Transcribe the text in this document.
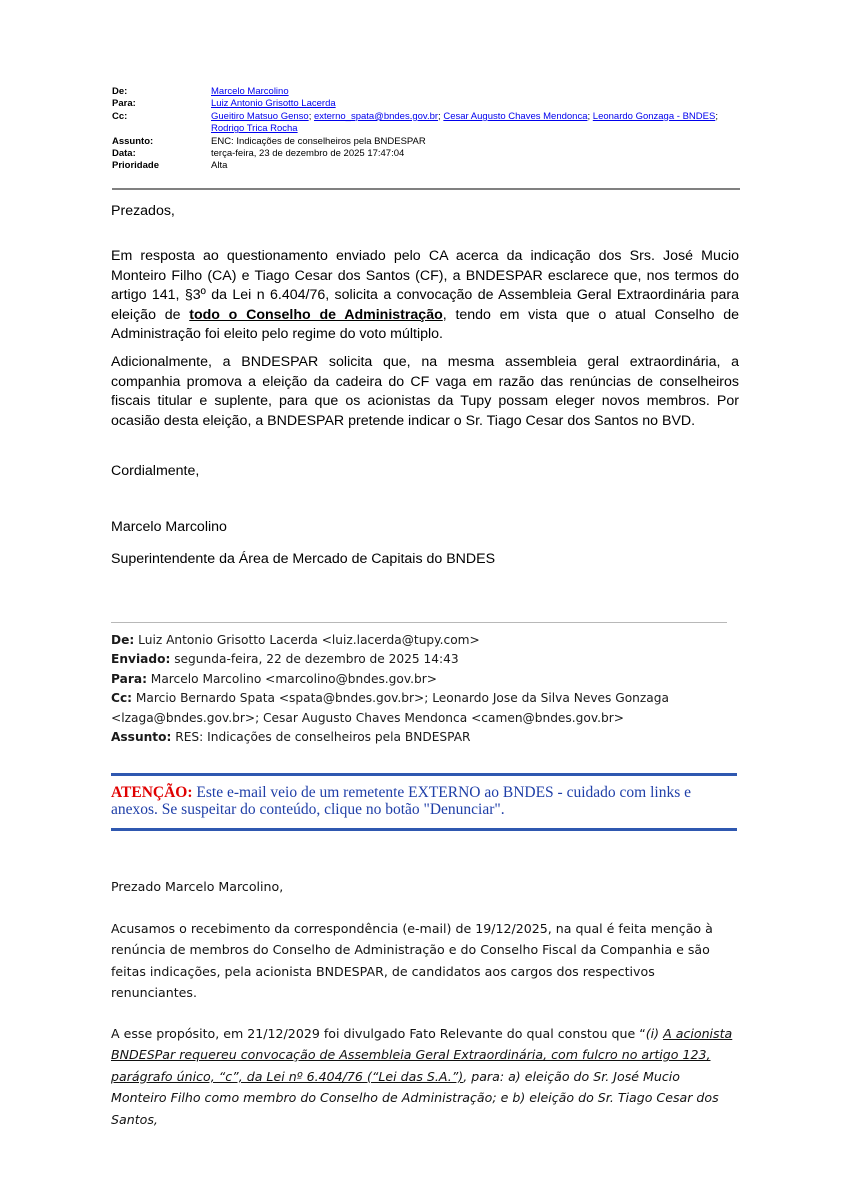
De:	Marcelo Marcolino
Para:	Luiz Antonio Grisotto Lacerda
Cc:	Gueitiro Matsuo Genso; externo_spata@bndes.gov.br; Cesar Augusto Chaves Mendonca; Leonardo Gonzaga - BNDES;
Rodrigo Trica Rocha
Assunto:	ENC: Indicações de conselheiros pela BNDESPAR
Data:	terça-feira, 23 de dezembro de 2025 17:47:04
Prioridade	Alta
Prezados,
Em resposta ao questionamento enviado pelo CA acerca da indicação dos Srs. José Mucio Monteiro Filho (CA) e Tiago Cesar dos Santos (CF), a BNDESPAR esclarece que, nos termos do artigo 141, §3º da Lei n 6.404/76, solicita a convocação de Assembleia Geral Extraordinária para eleição de todo o Conselho de Administração, tendo em vista que o atual Conselho de Administração foi eleito pelo regime do voto múltiplo.
Adicionalmente, a BNDESPAR solicita que, na mesma assembleia geral extraordinária, a companhia promova a eleição da cadeira do CF vaga em razão das renúncias de conselheiros fiscais titular e suplente, para que os acionistas da Tupy possam eleger novos membros. Por ocasião desta eleição, a BNDESPAR pretende indicar o Sr. Tiago Cesar dos Santos no BVD.
Cordialmente,
Marcelo Marcolino
Superintendente da Área de Mercado de Capitais do BNDES
De: Luiz Antonio Grisotto Lacerda <luiz.lacerda@tupy.com>
Enviado: segunda-feira, 22 de dezembro de 2025 14:43
Para: Marcelo Marcolino <marcolino@bndes.gov.br>
Cc: Marcio Bernardo Spata <spata@bndes.gov.br>; Leonardo Jose da Silva Neves Gonzaga
<lzaga@bndes.gov.br>; Cesar Augusto Chaves Mendonca <camen@bndes.gov.br>
Assunto: RES: Indicações de conselheiros pela BNDESPAR
ATENÇÃO: Este e-mail veio de um remetente EXTERNO ao BNDES - cuidado com links e anexos. Se suspeitar do conteúdo, clique no botão "Denunciar".
Prezado Marcelo Marcolino,
Acusamos o recebimento da correspondência (e-mail) de 19/12/2025, na qual é feita menção à renúncia de membros do Conselho de Administração e do Conselho Fiscal da Companhia e são feitas indicações, pela acionista BNDESPAR, de candidatos aos cargos dos respectivos renunciantes.
A esse propósito, em 21/12/2029 foi divulgado Fato Relevante do qual constou que “(i) A acionista BNDESPar requereu convocação de Assembleia Geral Extraordinária, com fulcro no artigo 123, parágrafo único, “c”, da Lei nº 6.404/76 (“Lei das S.A.”), para: a) eleição do Sr. José Mucio Monteiro Filho como membro do Conselho de Administração; e b) eleição do Sr. Tiago Cesar dos Santos,
